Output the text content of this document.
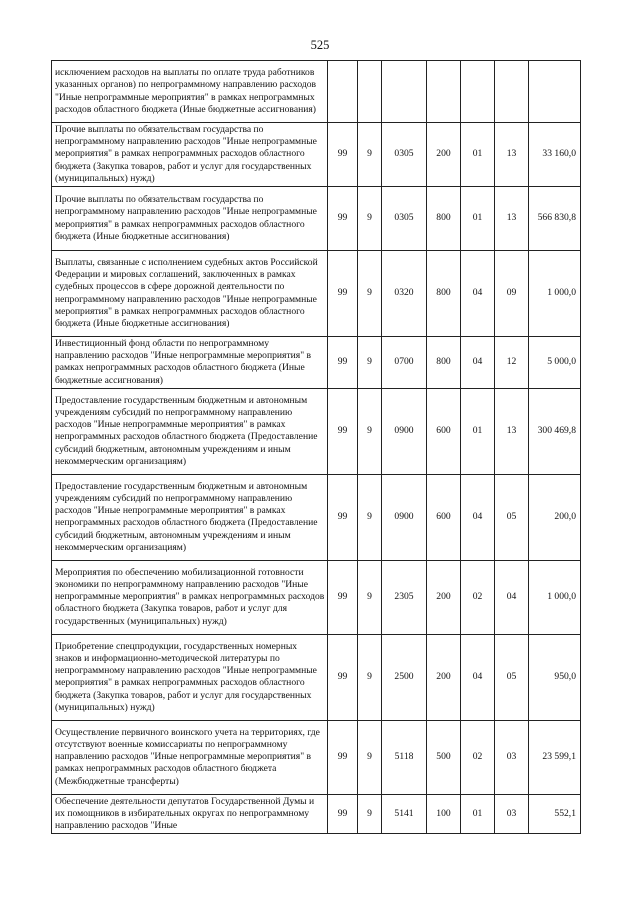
525
исключением расходов на выплаты по оплате труда работников указанных органов) по непрограммному направлению расходов "Иные непрограммные мероприятия" в рамках непрограммных расходов областного бюджета (Иные бюджетные ассигнования)							
Прочие выплаты по обязательствам государства по непрограммному направлению расходов "Иные непрограммные мероприятия" в рамках непрограммных расходов областного бюджета (Закупка товаров, работ и услуг для государственных (муниципальных) нужд)	99	9	0305	200	01	13	33 160,0
Прочие выплаты по обязательствам государства по непрограммному направлению расходов "Иные непрограммные мероприятия" в рамках непрограммных расходов областного бюджета (Иные бюджетные ассигнования)	99	9	0305	800	01	13	566 830,8
Выплаты, связанные с исполнением судебных актов Российской Федерации и мировых соглашений, заключенных в рамках судебных процессов в сфере дорожной деятельности по непрограммному направлению расходов "Иные непрограммные мероприятия" в рамках непрограммных расходов областного бюджета (Иные бюджетные ассигнования)	99	9	0320	800	04	09	1 000,0
Инвестиционный фонд области по непрограммному направлению расходов "Иные непрограммные мероприятия" в рамках непрограммных расходов областного бюджета (Иные бюджетные ассигнования)	99	9	0700	800	04	12	5 000,0
Предоставление государственным бюджетным и автономным учреждениям субсидий по непрограммному направлению расходов "Иные непрограммные мероприятия" в рамках непрограммных расходов областного бюджета (Предоставление субсидий бюджетным, автономным учреждениям и иным некоммерческим организациям)	99	9	0900	600	01	13	300 469,8
Предоставление государственным бюджетным и автономным учреждениям субсидий по непрограммному направлению расходов "Иные непрограммные мероприятия" в рамках непрограммных расходов областного бюджета (Предоставление субсидий бюджетным, автономным учреждениям и иным некоммерческим организациям)	99	9	0900	600	04	05	200,0
Мероприятия по обеспечению мобилизационной готовности экономики по непрограммному направлению расходов "Иные непрограммные мероприятия" в рамках непрограммных расходов областного бюджета (Закупка товаров, работ и услуг для государственных (муниципальных) нужд)	99	9	2305	200	02	04	1 000,0
Приобретение спецпродукции, государственных номерных знаков и информационно-методической литературы по непрограммному направлению расходов "Иные непрограммные мероприятия" в рамках непрограммных расходов областного бюджета (Закупка товаров, работ и услуг для государственных (муниципальных) нужд)	99	9	2500	200	04	05	950,0
Осуществление первичного воинского учета на территориях, где отсутствуют военные комиссариаты по непрограммному направлению расходов "Иные непрограммные мероприятия" в рамках непрограммных расходов областного бюджета (Межбюджетные трансферты)	99	9	5118	500	02	03	23 599,1
Обеспечение деятельности депутатов Государственной Думы и их помощников в избирательных округах по непрограммному направлению расходов "Иные	99	9	5141	100	01	03	552,1
